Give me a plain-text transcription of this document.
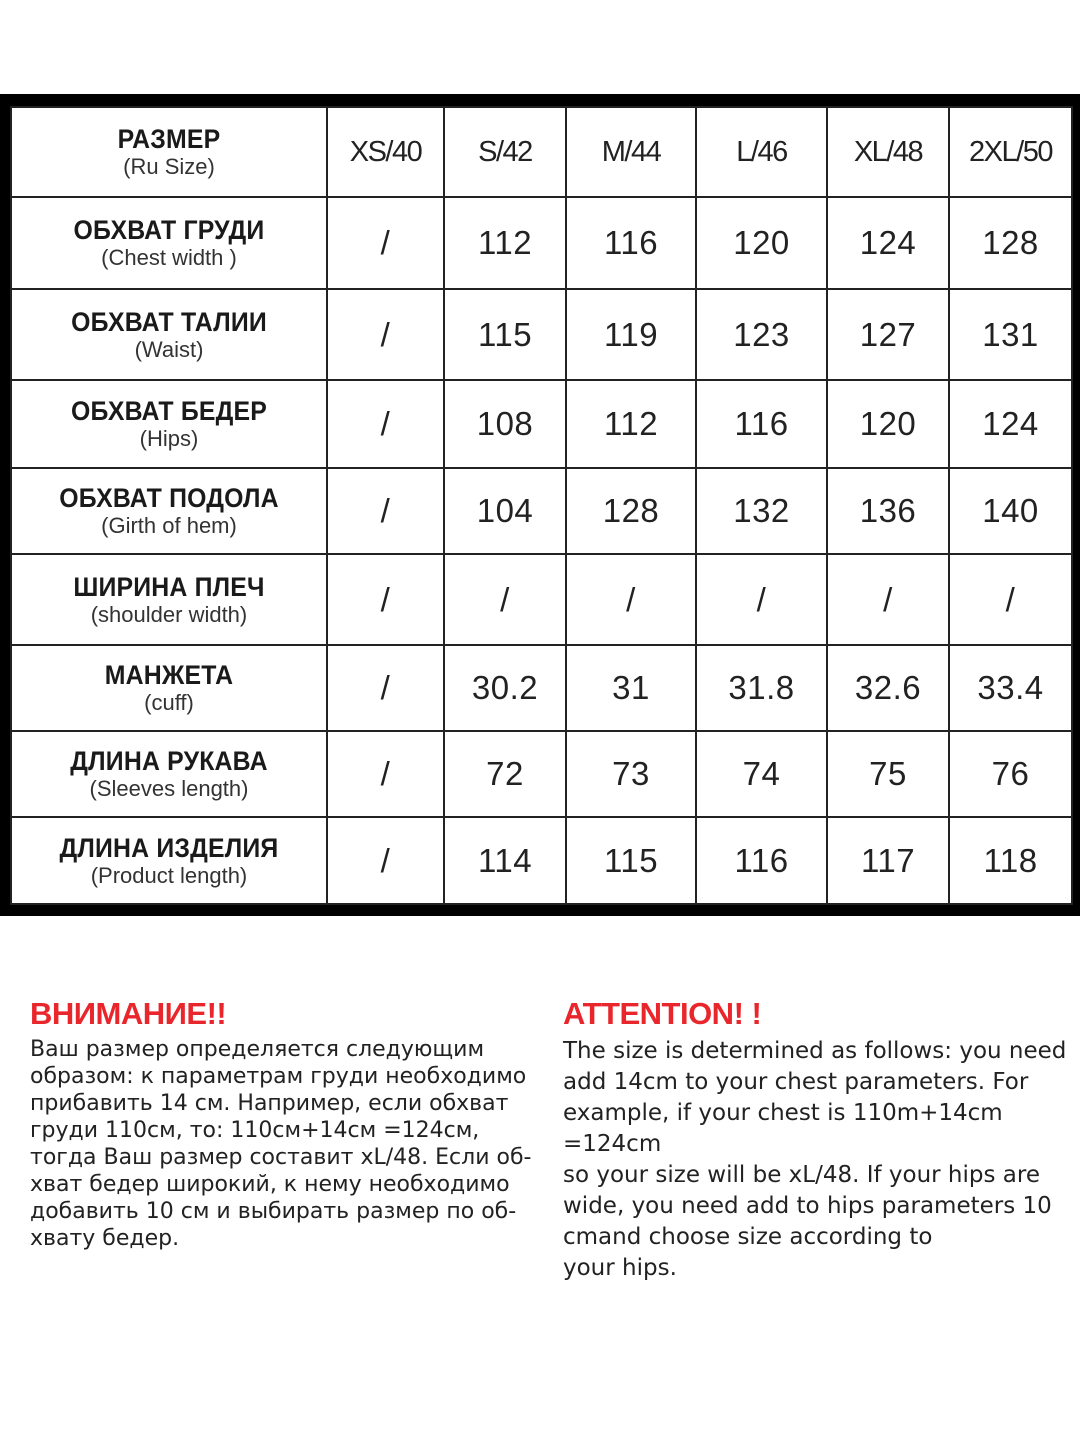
РАЗМЕР
(Ru Size)	XS/40	S/42	M/44	L/46	XL/48	2XL/50

ОБХВАТ ГРУДИ
(Chest width )	/	112	116	120	124	128

ОБХВАТ ТАЛИИ
(Waist)	/	115	119	123	127	131

ОБХВАТ БЕДЕР
(Hips)	/	108	112	116	120	124

ОБХВАТ ПОДОЛА
(Girth of hem)	/	104	128	132	136	140

ШИРИНА ПЛЕЧ
(shoulder width)	/	/	/	/	/	/

МАНЖЕТА
(cuff)	/	30.2	31	31.8	32.6	33.4

ДЛИНА РУКАВА
(Sleeves length)	/	72	73	74	75	76

ДЛИНА ИЗДЕЛИЯ
(Product length)	/	114	115	116	117	118
ВНИМАНИЕ!!

Ваш размер определяется следующим
образом: к параметрам груди необходимо
прибавить 14 см. Например, если обхват
груди 110см, то: 110см+14см =124см,
тогда Ваш размер составит xL/48. Если об-
хват бедер широкий, к нему необходимо
добавить 10 см и выбирать размер по об-
хвату бедер.

ATTENTION! !

The size is determined as follows: you need
add 14cm to your chest parameters. For
example, if your chest is 110m+14cm =124cm
so your size will be xL/48. If your hips are
wide, you need add to hips parameters 10
cmand choose size according to
your hips.
